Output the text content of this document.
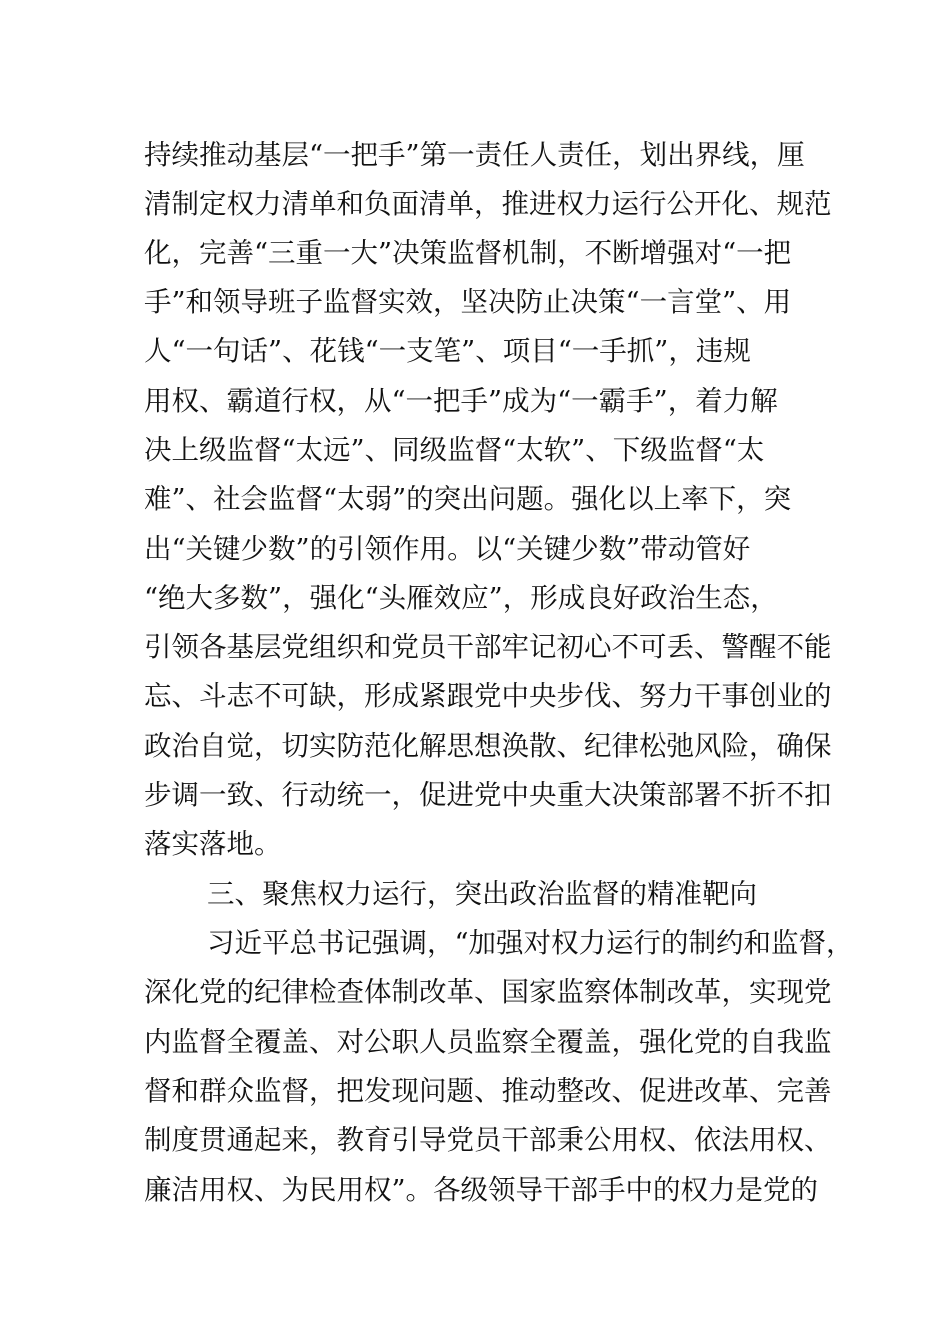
持续推动基层“一把手”第一责任人责任，划出界线，厘
清制定权力清单和负面清单，推进权力运行公开化、规范
化，完善“三重一大”决策监督机制，不断增强对“一把
手”和领导班子监督实效，坚决防止决策“一言堂”、用
人“一句话”、花钱“一支笔”、项目“一手抓”，违规
用权、霸道行权，从“一把手”成为“一霸手”，着力解
决上级监督“太远”、同级监督“太软”、下级监督“太
难”、社会监督“太弱”的突出问题。强化以上率下，突
出“关键少数”的引领作用。以“关键少数”带动管好
“绝大多数”，强化“头雁效应”，形成良好政治生态，
引领各基层党组织和党员干部牢记初心不可丢、警醒不能
忘、斗志不可缺，形成紧跟党中央步伐、努力干事创业的
政治自觉，切实防范化解思想涣散、纪律松弛风险，确保
步调一致、行动统一，促进党中央重大决策部署不折不扣
落实落地。
三、聚焦权力运行，突出政治监督的精准靶向
习近平总书记强调，“加强对权力运行的制约和监督，
深化党的纪律检查体制改革、国家监察体制改革，实现党
内监督全覆盖、对公职人员监察全覆盖，强化党的自我监
督和群众监督，把发现问题、推动整改、促进改革、完善
制度贯通起来，教育引导党员干部秉公用权、依法用权、
廉洁用权、为民用权”。各级领导干部手中的权力是党的
